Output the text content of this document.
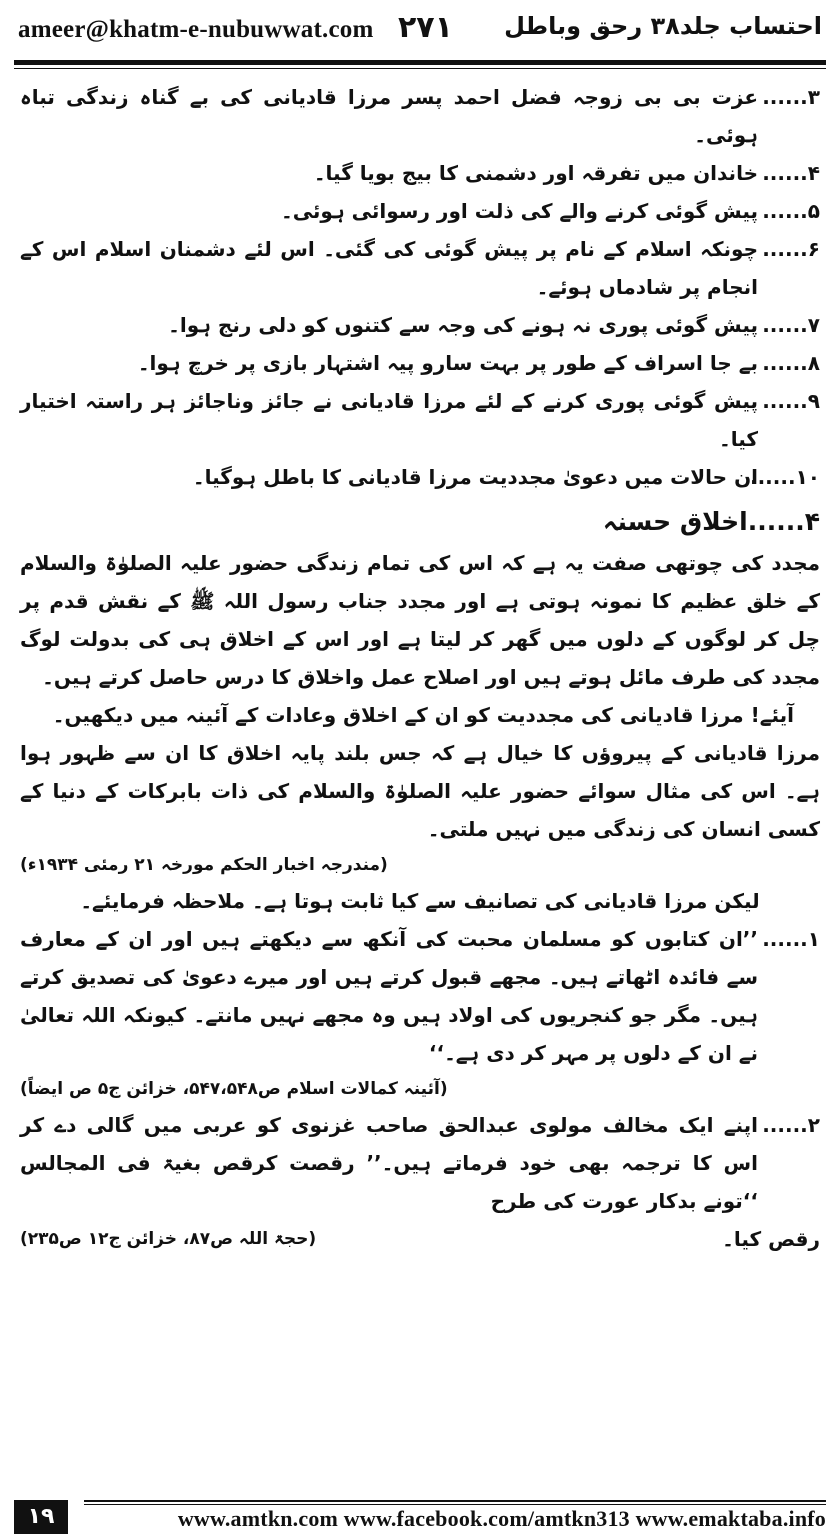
ameer@khatm-e-nubuwwat.com ۲۷۱ احتساب جلد۳۸ رحق وباطل
۳......
عزت بی بی زوجہ فضل احمد پسر مرزا قادیانی کی بے گناہ زندگی تباہ ہوئی۔
۴......
خاندان میں تفرقہ اور دشمنی کا بیج بویا گیا۔
۵......
پیش گوئی کرنے والے کی ذلت اور رسوائی ہوئی۔
۶......
چونکہ اسلام کے نام پر پیش گوئی کی گئی۔ اس لئے دشمنان اسلام اس کے انجام پر شادماں ہوئے۔
۷......
پیش گوئی پوری نہ ہونے کی وجہ سے کتنوں کو دلی رنج ہوا۔
۸......
بے جا اسراف کے طور پر بہت سارو پیہ اشتہار بازی پر خرچ ہوا۔
۹......
پیش گوئی پوری کرنے کے لئے مرزا قادیانی نے جائز وناجائز ہر راستہ اختیار کیا۔
۱۰......
ان حالات میں دعویٰ مجددیت مرزا قادیانی کا باطل ہوگیا۔
۴......اخلاق حسنہ
مجدد کی چوتھی صفت یہ ہے کہ اس کی تمام زندگی حضور علیہ الصلوٰۃ والسلام کے خلق عظیم کا نمونہ ہوتی ہے اور مجدد جناب رسول اللہ ﷺ کے نقش قدم پر چل کر لوگوں کے دلوں میں گھر کر لیتا ہے اور اس کے اخلاق ہی کی بدولت لوگ مجدد کی طرف مائل ہوتے ہیں اور اصلاح عمل واخلاق کا درس حاصل کرتے ہیں۔
آیئے! مرزا قادیانی کی مجددیت کو ان کے اخلاق وعادات کے آئینہ میں دیکھیں۔
مرزا قادیانی کے پیروؤں کا خیال ہے کہ جس بلند پایہ اخلاق کا ان سے ظہور ہوا ہے۔ اس کی مثال سوائے حضور علیہ الصلوٰۃ والسلام کی ذات بابرکات کے دنیا کے کسی انسان کی زندگی میں نہیں ملتی۔
(مندرجہ اخبار الحکم مورخہ ۲۱ رمئی ۱۹۳۴ء)
لیکن مرزا قادیانی کی تصانیف سے کیا ثابت ہوتا ہے۔ ملاحظہ فرمایئے۔
۱......
’’ان کتابوں کو مسلمان محبت کی آنکھ سے دیکھتے ہیں اور ان کے معارف سے فائدہ اٹھاتے ہیں۔ مجھے قبول کرتے ہیں اور میرے دعویٰ کی تصدیق کرتے ہیں۔ مگر جو کنجریوں کی اولاد ہیں وہ مجھے نہیں مانتے۔ کیونکہ اللہ تعالیٰ نے ان کے دلوں پر مہر کر دی ہے۔‘‘
(آئینہ کمالات اسلام ص۵۴۷،۵۴۸، خزائن ج۵ ص ایضاً)
۲......
اپنے ایک مخالف مولوی عبدالحق صاحب غزنوی کو عربی میں گالی دے کر اس کا ترجمہ بھی خود فرماتے ہیں۔’’ رقصت کرقص بغیۃ فی المجالس ‘‘تونے بدکار عورت کی طرح
رقص کیا۔
(حجۃ اللہ ص۸۷، خزائن ج۱۲ ص۲۳۵)
۱۹	www.amtkn.com www.facebook.com/amtkn313 www.emaktaba.info
